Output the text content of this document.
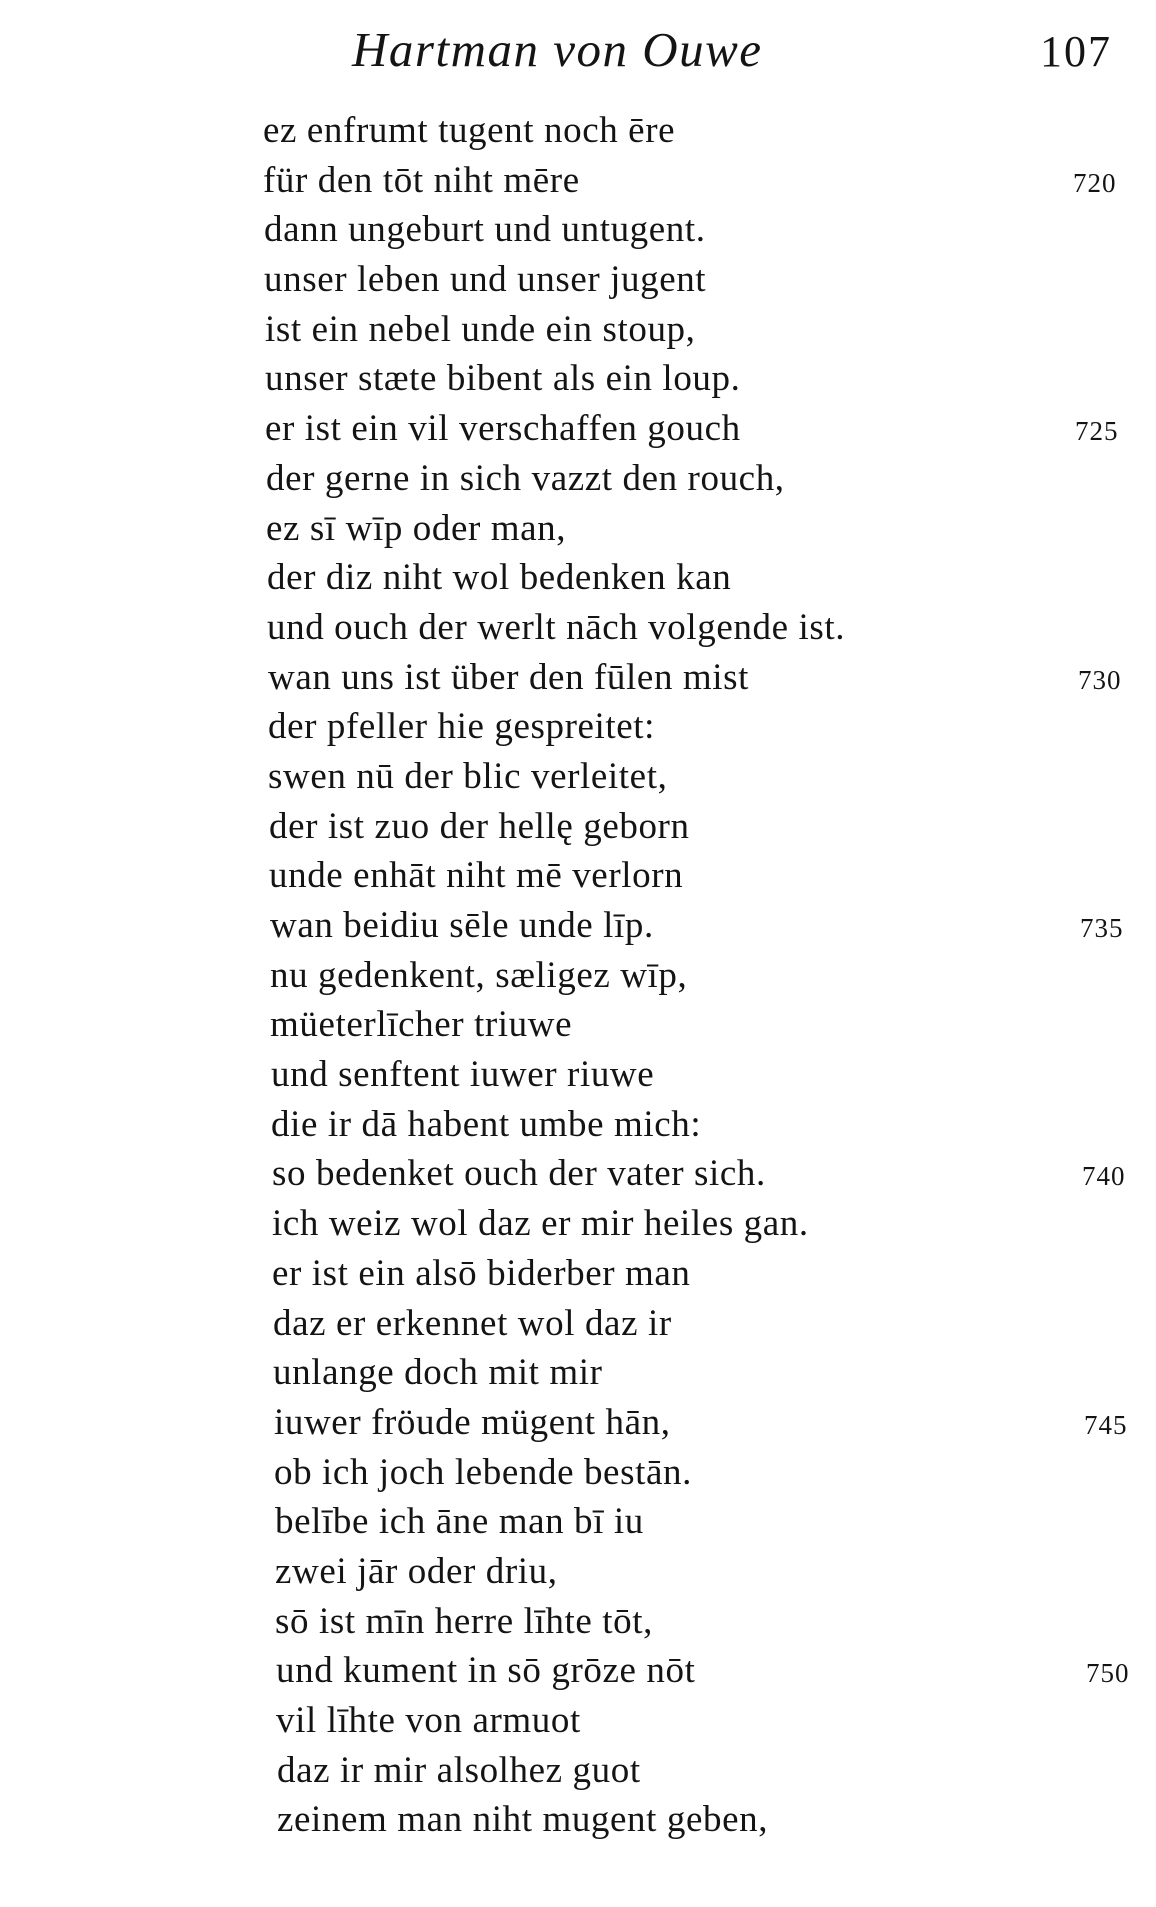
Hartman von Ouwe	107
ez enfrumt tugent noch ēre
für den tōt niht mēre	720
dann ungeburt und untugent.
unser leben und unser jugent
ist ein nebel unde ein stoup,
unser stæte bibent als ein loup.
er ist ein vil verschaffen gouch	725
der gerne in sich vazzt den rouch,
ez sī wīp oder man,
der diz niht wol bedenken kan
und ouch der werlt nāch volgende ist.
wan uns ist über den fūlen mist	730
der pfeller hie gespreitet:
swen nū der blic verleitet,
der ist zuo der hellę geborn
unde enhāt niht mē verlorn
wan beidiu sēle unde līp.	735
nu gedenkent, sæligez wīp,
müeterlīcher triuwe
und senftent iuwer riuwe
die ir dā habent umbe mich:
so bedenket ouch der vater sich.	740
ich weiz wol daz er mir heiles gan.
er ist ein alsō biderber man
daz er erkennet wol daz ir
unlange doch mit mir
iuwer fröude mügent hān,	745
ob ich joch lebende bestān.
belībe ich āne man bī iu
zwei jār oder driu,
sō ist mīn herre līhte tōt,
und kument in sō grōze nōt	750
vil līhte von armuot
daz ir mir alsolhez guot
zeinem man niht mugent geben,
